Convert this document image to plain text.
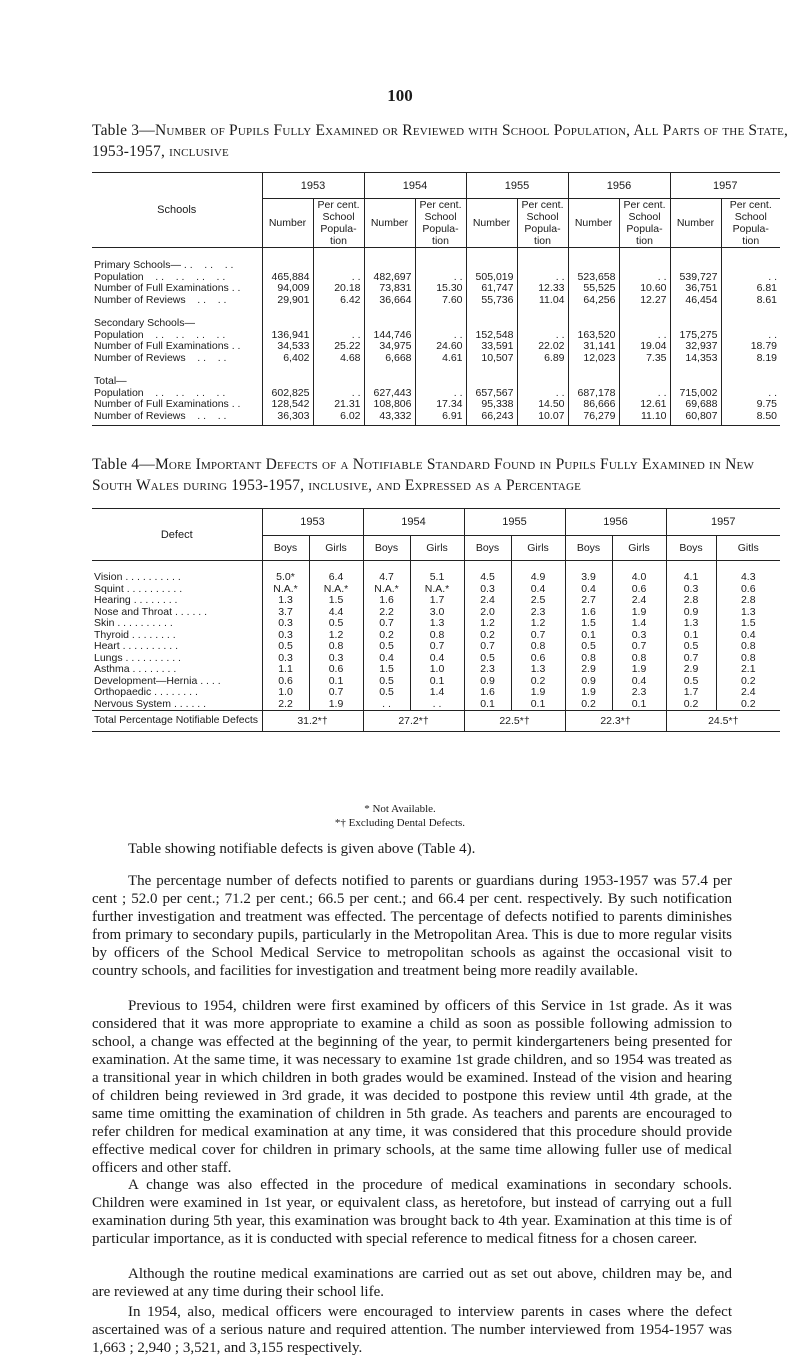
100
Table 3—Number of Pupils Fully Examined or Reviewed with School Population, All Parts of the State, 1953-1957, inclusive
Schools	1953		1954		1955		1956		1957	
	Number	Per cent.
School
Popula-
tion	Number	Per cent.
School
Popula-
tion	Number	Per cent.
School
Popula-
tion	Number	Per cent.
School
Popula-
tion	Number	Per cent.
School
Popula-
tion

Primary Schools— . .    . .    . .										
Population    . .    . .    . .    . .	465,884	. .	482,697	. .	505,019	. .	523,658	. .	539,727	. .
Number of Full Examinations . .	94,009	20.18	73,831	15.30	61,747	12.33	55,525	10.60	36,751	6.81
Number of Reviews    . .    . .	29,901	6.42	36,664	7.60	55,736	11.04	64,256	12.27	46,454	8.61

Secondary Schools—										
Population    . .    . .    . .    . .	136,941	. .	144,746	. .	152,548	. .	163,520	. .	175,275	. .
Number of Full Examinations . .	34,533	25.22	34,975	24.60	33,591	22.02	31,141	19.04	32,937	18.79
Number of Reviews    . .    . .	6,402	4.68	6,668	4.61	10,507	6.89	12,023	7.35	14,353	8.19

Total—										
Population    . .    . .    . .    . .	602,825	. .	627,443	. .	657,567	. .	687,178	. .	715,002	. .
Number of Full Examinations . .	128,542	21.31	108,806	17.34	95,338	14.50	86,666	12.61	69,688	9.75
Number of Reviews    . .    . .	36,303	6.02	43,332	6.91	66,243	10.07	76,279	11.10	60,807	8.50

Table 4—More Important Defects of a Notifiable Standard Found in Pupils Fully Examined in New South Wales during 1953-1957, inclusive, and Expressed as a Percentage
Defect	1953		1954		1955		1956		1957	
	Boys	Girls	Boys	Girls	Boys	Girls	Boys	Girls	Boys	Gitls

Vision . . . . . . . . . .	5.0*	6.4	4.7	5.1	4.5	4.9	3.9	4.0	4.1	4.3
Squint . . . . . . . . . .	N.A.*	N.A.*	N.A.*	N.A.*	0.3	0.4	0.4	0.6	0.3	0.6
Hearing . . . . . . . .	1.3	1.5	1.6	1.7	2.4	2.5	2.7	2.4	2.8	2.8
Nose and Throat . . . . . .	3.7	4.4	2.2	3.0	2.0	2.3	1.6	1.9	0.9	1.3
Skin . . . . . . . . . .	0.3	0.5	0.7	1.3	1.2	1.2	1.5	1.4	1.3	1.5
Thyroid . . . . . . . .	0.3	1.2	0.2	0.8	0.2	0.7	0.1	0.3	0.1	0.4
Heart . . . . . . . . . .	0.5	0.8	0.5	0.7	0.7	0.8	0.5	0.7	0.5	0.8
Lungs . . . . . . . . . .	0.3	0.3	0.4	0.4	0.5	0.6	0.8	0.8	0.7	0.8
Asthma . . . . . . . .	1.1	0.6	1.5	1.0	2.3	1.3	2.9	1.9	2.9	2.1
Development—Hernia . . . .	0.6	0.1	0.5	0.1	0.9	0.2	0.9	0.4	0.5	0.2
Orthopaedic . . . . . . . .	1.0	0.7	0.5	1.4	1.6	1.9	1.9	2.3	1.7	2.4
Nervous System . . . . . .	2.2	1.9	. .	. .	0.1	0.1	0.2	0.1	0.2	0.2
Total Percentage Notifiable Defects	31.2*†		27.2*†		22.5*†		22.3*†		24.5*†	
* Not Available.
*† Excluding Dental Defects.
Table showing notifiable defects is given above (Table 4).
The percentage number of defects notified to parents or guardians during 1953-1957 was 57.4 per cent ; 52.0 per cent.; 71.2 per cent.; 66.5 per cent.; and 66.4 per cent. respectively. By such notification further investigation and treatment was effected. The percentage of defects notified to parents diminishes from primary to secondary pupils, particularly in the Metropolitan Area. This is due to more regular visits by officers of the School Medical Service to metropolitan schools as against the occasional visit to country schools, and facilities for investigation and treatment being more readily available.
Previous to 1954, children were first examined by officers of this Service in 1st grade. As it was considered that it was more appropriate to examine a child as soon as possible following admission to school, a change was effected at the beginning of the year, to permit kindergarteners being presented for examination. At the same time, it was necessary to examine 1st grade children, and so 1954 was treated as a transitional year in which children in both grades would be examined. Instead of the vision and hearing of children being reviewed in 3rd grade, it was decided to postpone this review until 4th grade, at the same time omitting the examination of children in 5th grade. As teachers and parents are encouraged to refer children for medical examination at any time, it was considered that this procedure should provide effective medical cover for children in primary schools, at the same time allowing fuller use of medical officers and other staff.
A change was also effected in the procedure of medical examinations in secondary schools. Children were examined in 1st year, or equivalent class, as heretofore, but instead of carrying out a full examination during 5th year, this examination was brought back to 4th year. Examination at this time is of particular importance, as it is conducted with special reference to medical fitness for a chosen career.
Although the routine medical examinations are carried out as set out above, children may be, and are reviewed at any time during their school life.
In 1954, also, medical officers were encouraged to interview parents in cases where the defect ascertained was of a serious nature and required attention. The number interviewed from 1954-1957 was 1,663 ; 2,940 ; 3,521, and 3,155 respectively.
